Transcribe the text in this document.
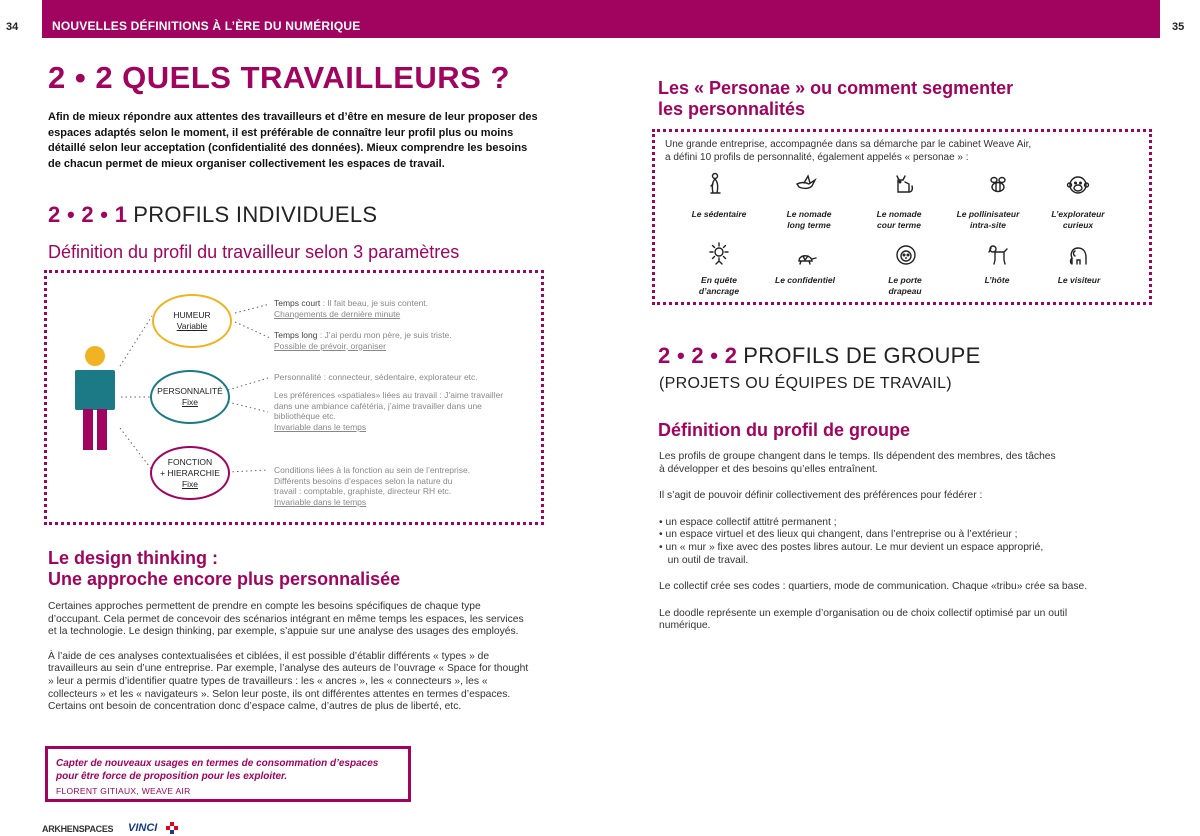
34	NOUVELLES DÉFINITIONS À L’ÈRE DU NUMÉRIQUE	35
2 • 2 QUELS TRAVAILLEURS ?
Afin de mieux répondre aux attentes des travailleurs et d’être en mesure de leur proposer des espaces adaptés selon le moment, il est préférable de connaître leur profil plus ou moins détaillé selon leur acceptation (confidentialité des données). Mieux comprendre les besoins de chacun permet de mieux organiser collectivement les espaces de travail.
2 • 2 • 1 PROFILS INDIVIDUELS
Définition du profil du travailleur selon 3 paramètres
HUMEUR
Variable
PERSONNALITÉ
Fixe
FONCTION
+ HIERARCHIE
Fixe
Temps court : Il fait beau, je suis content.
Changements de dernière minute
Temps long : J’ai perdu mon père, je suis triste.
Possible de prévoir, organiser
Personnalité : connecteur, sédentaire, explorateur etc.
Les préférences «spatiales» liées au travail : J’aime travailler
dans une ambiance cafétéria, j’aime travailler dans une
bibliothèque etc.
Invariable dans le temps
Conditions liées à la fonction au sein de l’entreprise.
Différents besoins d’espaces selon la nature du
travail : comptable, graphiste, directeur RH etc.
Invariable dans le temps
Le design thinking :
Une approche encore plus personnalisée

Certaines approches permettent de prendre en compte les besoins spécifiques de chaque type d’occupant. Cela permet de concevoir des scénarios intégrant en même temps les espaces, les services et la technologie. Le design thinking, par exemple, s’appuie sur une analyse des usages des employés.

À l’aide de ces analyses contextualisées et ciblées, il est possible d’établir différents « types » de travailleurs au sein d’une entreprise. Par exemple, l’analyse des auteurs de l’ouvrage « Space for thought » leur a permis d’identifier quatre types de travailleurs : les « ancres », les « connecteurs », les « collecteurs » et les « navigateurs ». Selon leur poste, ils ont différentes attentes en termes d’espaces. Certains ont besoin de concentration donc d’espace calme, d’autres de plus de liberté, etc.

Capter de nouveaux usages en termes de consommation d’espaces pour être force de proposition pour les exploiter.
FLORENT GITIAUX, WEAVE AIR
ARKHENSPACES VINCI
Les « Personae » ou comment segmenter
les personnalités
Une grande entreprise, accompagnée dans sa démarche par le cabinet Weave Air,
a défini 10 profils de personnalité, également appelés « personae » :
Le sédentaire	Le nomade
long terme
Le nomade
cour terme
Le pollinisateur
intra-site
L’explorateur
curieux
En quête
d’ancrage
Le confidentiel	Le porte
drapeau
L’hôte	Le visiteur
2 • 2 • 2 PROFILS DE GROUPE
(PROJETS OU ÉQUIPES DE TRAVAIL)
Définition du profil de groupe
Les profils de groupe changent dans le temps. Ils dépendent des membres, des tâches
à développer et des besoins qu’elles entraînent.
Il s’agit de pouvoir définir collectivement des préférences pour fédérer :
• un espace collectif attitré permanent ;
• un espace virtuel et des lieux qui changent, dans l’entreprise ou à l’extérieur ;
• un « mur » fixe avec des postes libres autour. Le mur devient un espace approprié,
un outil de travail.
Le collectif crée ses codes : quartiers, mode de communication. Chaque «tribu» crée sa base.
Le doodle représente un exemple d’organisation ou de choix collectif optimisé par un outil
numérique.
